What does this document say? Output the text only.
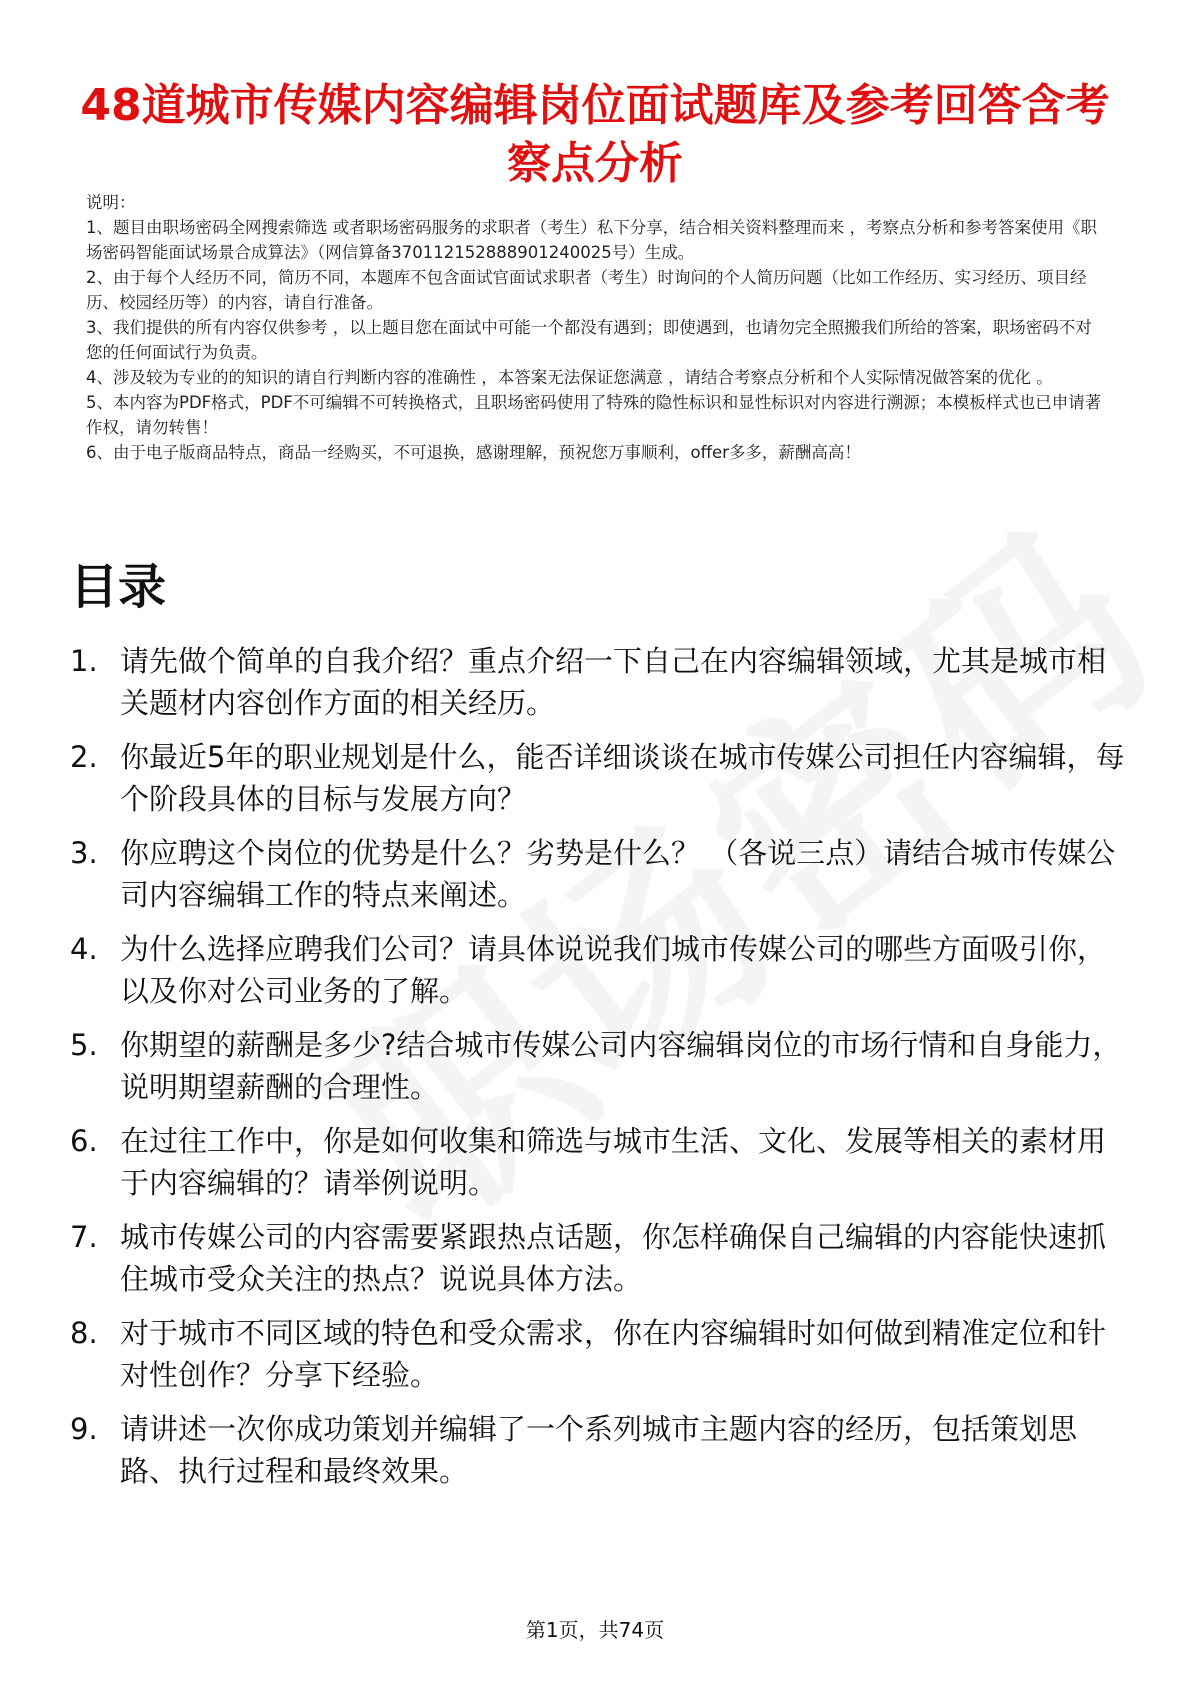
48道城市传媒内容编辑岗位面试题库及参考回答含考察点分析

说明：

1、题目由职场密码全网搜索筛选 或者职场密码服务的求职者（考生）私下分享，结合相关资料整理而来 ，考察点分析和参考答案使用《职场密码智能面试场景合成算法》（网信算备370112152888901240025号）生成。

2、由于每个人经历不同，简历不同，本题库不包含面试官面试求职者（考生）时询问的个人简历问题（比如工作经历、实习经历、项目经历、校园经历等）的内容，请自行准备。

3、我们提供的所有内容仅供参考 ，以上题目您在面试中可能一个都没有遇到；即使遇到，也请勿完全照搬我们所给的答案，职场密码不对您的任何面试行为负责。

4、涉及较为专业的的知识的请自行判断内容的准确性 ，本答案无法保证您满意 ，请结合考察点分析和个人实际情况做答案的优化 。

5、本内容为PDF格式，PDF不可编辑不可转换格式，且职场密码使用了特殊的隐性标识和显性标识对内容进行溯源；本模板样式也已申请著作权，请勿转售！

6、由于电子版商品特点，商品一经购买，不可退换，感谢理解，预祝您万事顺利，offer多多，薪酬高高！

目录
1. 请先做个简单的自我介绍？重点介绍一下自己在内容编辑领域，尤其是城市相关题材内容创作方面的相关经历。
2. 你最近5年的职业规划是什么，能否详细谈谈在城市传媒公司担任内容编辑，每个阶段具体的目标与发展方向？
3. 你应聘这个岗位的优势是什么？劣势是什么？ （各说三点）请结合城市传媒公司内容编辑工作的特点来阐述。
4. 为什么选择应聘我们公司？请具体说说我们城市传媒公司的哪些方面吸引你，以及你对公司业务的了解。
5. 你期望的薪酬是多少?结合城市传媒公司内容编辑岗位的市场行情和自身能力，说明期望薪酬的合理性。
6. 在过往工作中，你是如何收集和筛选与城市生活、文化、发展等相关的素材用于内容编辑的？请举例说明。
7. 城市传媒公司的内容需要紧跟热点话题，你怎样确保自己编辑的内容能快速抓住城市受众关注的热点？说说具体方法。
8. 对于城市不同区域的特色和受众需求，你在内容编辑时如何做到精准定位和针对性创作？分享下经验。
9. 请讲述一次你成功策划并编辑了一个系列城市主题内容的经历，包括策划思路、执行过程和最终效果。
第1页，共74页
